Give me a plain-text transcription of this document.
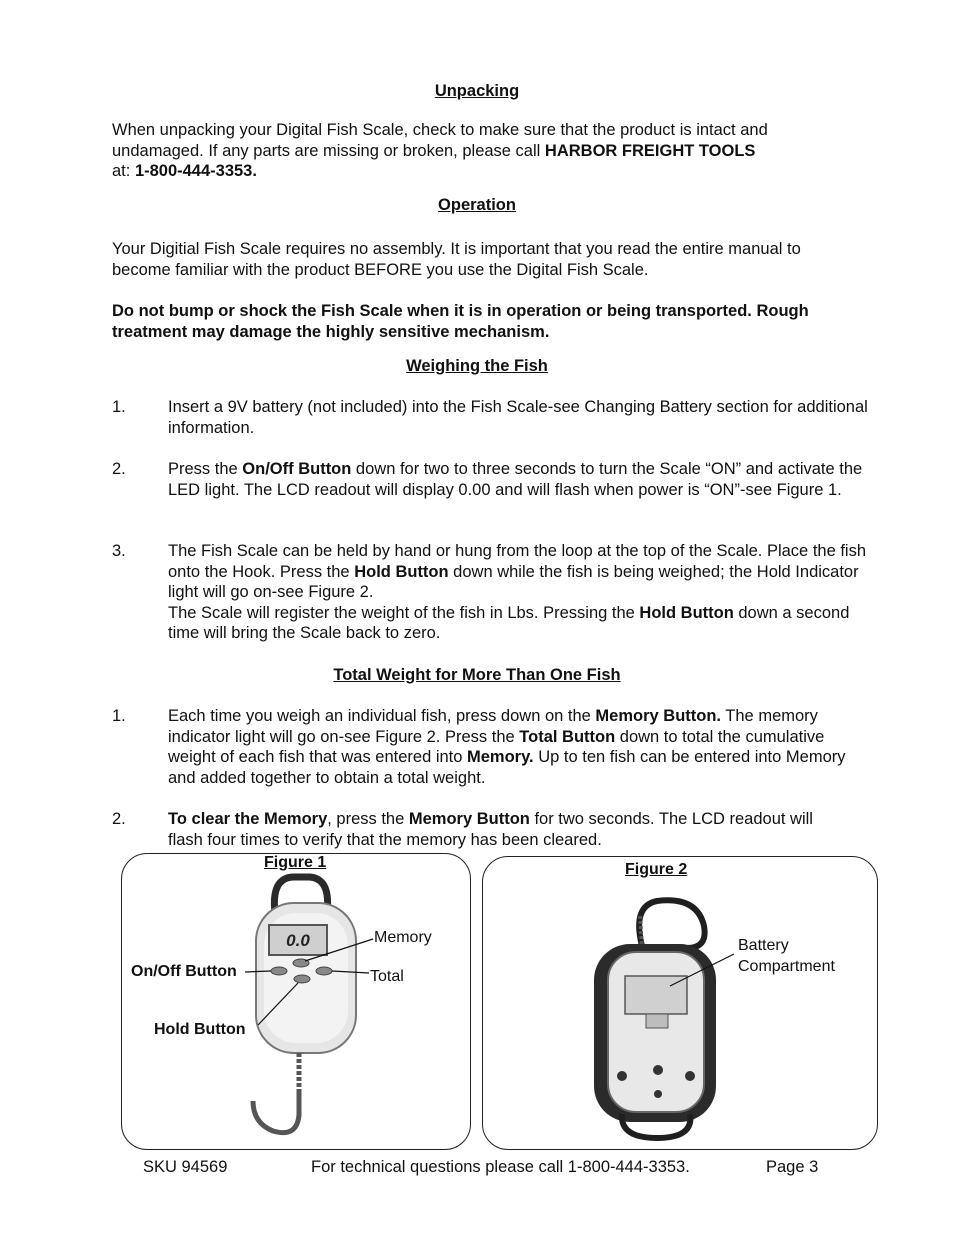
Unpacking
When unpacking your Digital Fish Scale, check to make sure that the product is intact and undamaged. If any parts are missing or broken, please call HARBOR FREIGHT TOOLS
at: 1-800-444-3353.
Operation
Your Digitial Fish Scale requires no assembly. It is important that you read the entire manual to become familiar with the product BEFORE you use the Digital Fish Scale.
Do not bump or shock the Fish Scale when it is in operation or being transported. Rough treatment may damage the highly sensitive mechanism.
Weighing the Fish
1.	Insert a 9V battery (not included) into the Fish Scale-see Changing Battery section for additional information.
2.	Press the On/Off Button down for two to three seconds to turn the Scale “ON” and activate the LED light. The LCD readout will display 0.00 and will flash when power is “ON”-see Figure 1.
3.	The Fish Scale can be held by hand or hung from the loop at the top of the Scale. Place the fish onto the Hook. Press the Hold Button down while the fish is being weighed; the Hold Indicator light will go on-see Figure 2.
The Scale will register the weight of the fish in Lbs. Pressing the Hold Button down a second time will bring the Scale back to zero.
Total Weight for More Than One Fish
1.	Each time you weigh an individual fish, press down on the Memory Button. The memory indicator light will go on-see Figure 2. Press the Total Button down to total the cumulative weight of each fish that was entered into Memory. Up to ten fish can be entered into Memory and added together to obtain a total weight.
2.	To clear the Memory, press the Memory Button for two seconds. The LCD readout will flash four times to verify that the memory has been cleared.
Figure 1
0.0	Memory
Total
On/Off Button
Hold Button
Figure 2
Battery
Compartment
SKU 94569	For technical questions please call 1-800-444-3353.	Page 3
